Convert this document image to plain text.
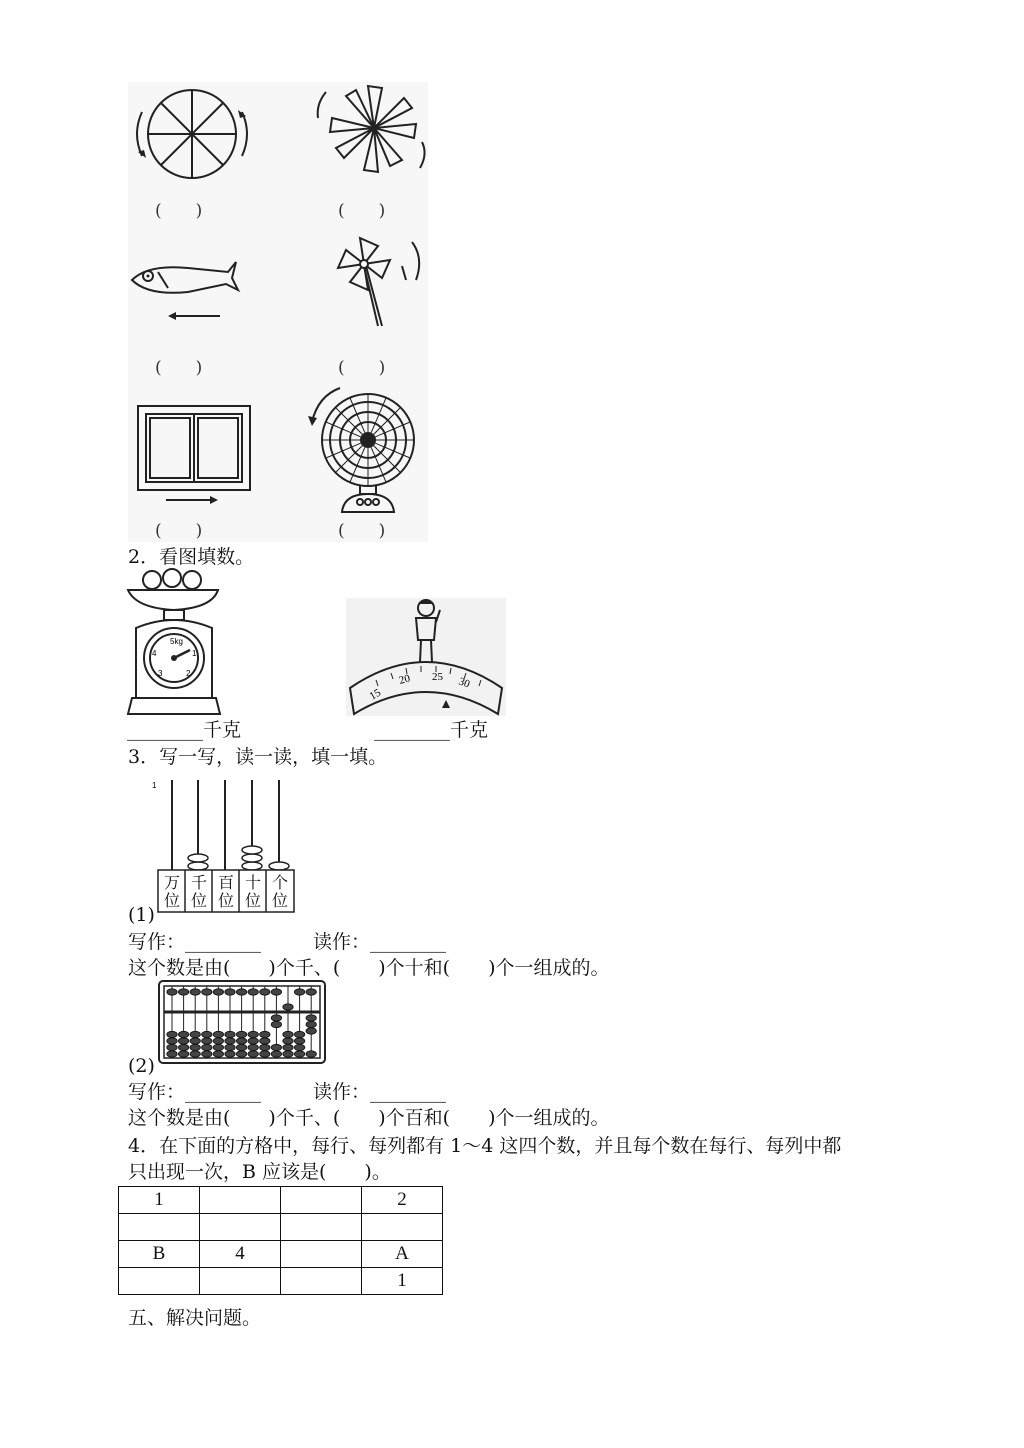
(　　)	(　　)
(　　)	(　　)
(　　)	(　　)
2．看图填数。
5kg
1
2
3
4
15
20 25 30
________千克	________千克
3．写一写，读一读，填一填。
1
万
位
千
位
百
位
十
位
个
位
(1)
写作：________	读作：________
这个数是由(　　)个千、(　　)个十和(　　)个一组成的。
(2)
写作：________	读作：________
这个数是由(　　)个千、(　　)个百和(　　)个一组成的。
4．在下面的方格中，每行、每列都有 1～4 这四个数，并且每个数在每行、每列中都
只出现一次，B 应该是(　　)。
1			2

B	4		A
			1
五、解决问题。
